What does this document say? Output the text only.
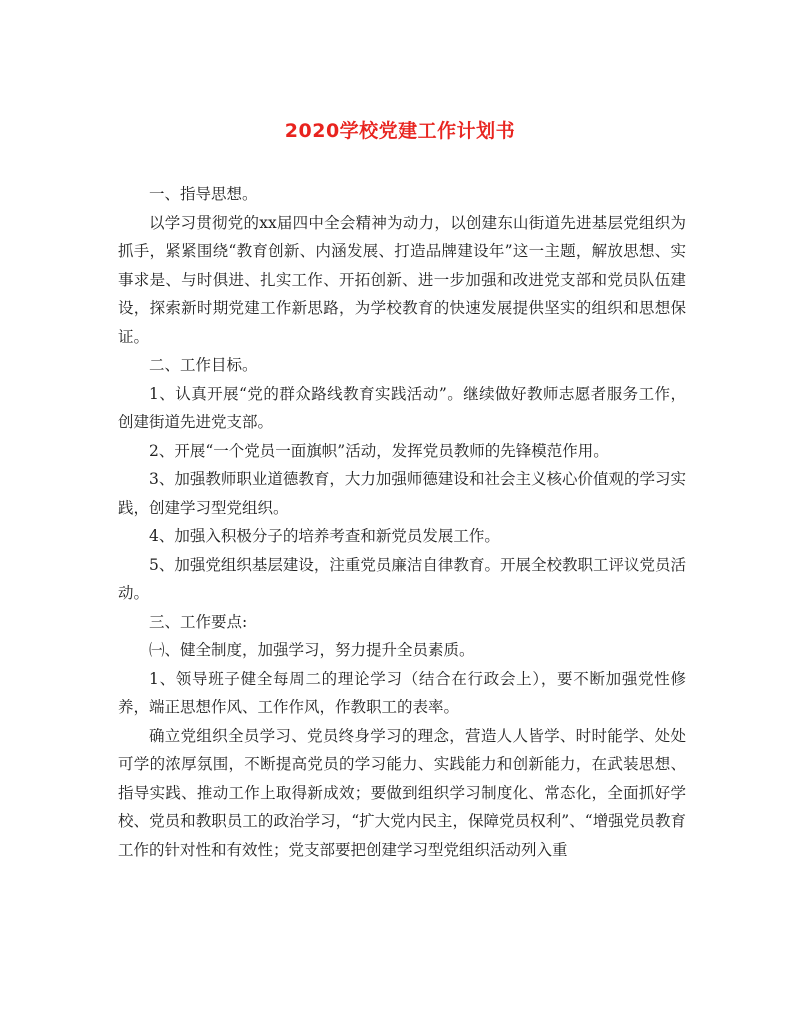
2020学校党建工作计划书

一、指导思想。

以学习贯彻党的xx届四中全会精神为动力，以创建东山街道先进基层党组织为抓手，紧紧围绕“教育创新、内涵发展、打造品牌建设年”这一主题，解放思想、实事求是、与时俱进、扎实工作、开拓创新、进一步加强和改进党支部和党员队伍建设，探索新时期党建工作新思路，为学校教育的快速发展提供坚实的组织和思想保证。

二、工作目标。

1、认真开展“党的群众路线教育实践活动”。继续做好教师志愿者服务工作，创建街道先进党支部。

2、开展“一个党员一面旗帜”活动，发挥党员教师的先锋模范作用。

3、加强教师职业道德教育，大力加强师德建设和社会主义核心价值观的学习实践，创建学习型党组织。

4、加强入积极分子的培养考查和新党员发展工作。

5、加强党组织基层建设，注重党员廉洁自律教育。开展全校教职工评议党员活动。

三、工作要点:

㈠、健全制度，加强学习，努力提升全员素质。

1、领导班子健全每周二的理论学习（结合在行政会上），要不断加强党性修养，端正思想作风、工作作风，作教职工的表率。

确立党组织全员学习、党员终身学习的理念，营造人人皆学、时时能学、处处可学的浓厚氛围，不断提高党员的学习能力、实践能力和创新能力，在武装思想、指导实践、推动工作上取得新成效；要做到组织学习制度化、常态化，全面抓好学校、党员和教职员工的政治学习，“扩大党内民主，保障党员权利”、“增强党员教育工作的针对性和有效性；党支部要把创建学习型党组织活动列入重
